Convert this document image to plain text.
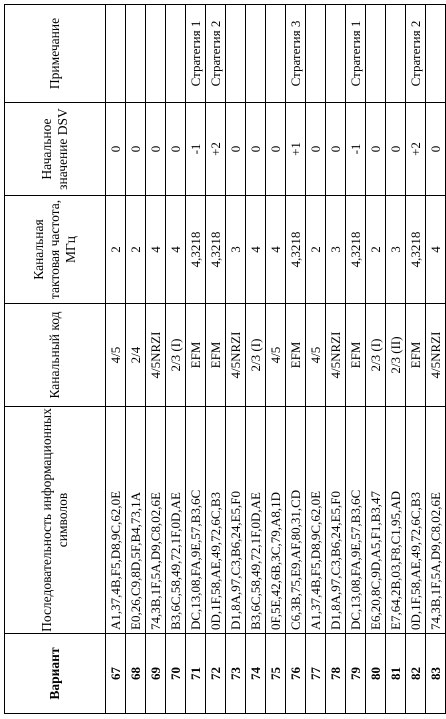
Вариант	Последовательность информационных символов	Канальный код	Канальная тактовая частота, МГц	Начальное значение DSV	Примечание
67	A1,37,4B,F5,D8,9C,62,0E	4/5	2	0	
68	E0,26,C9,8D,5F,B4,73,1A	2/4	2	0	
69	74,3B,1F,5A,D9,C8,02,6E	4/5NRZI	4	0	
70	B3,6C,58,49,72,1F,0D,AE	2/3 (I)	4	0	
71	DC,13,08,FA,9E,57,B3,6C	EFM	4,3218	-1	Стратегия 1
72	0D,1F,58,AE,49,72,6C,B3	EFM	4,3218	+2	Стратегия 2
73	D1,8A,97,C3,B6,24,E5,F0	4/5NRZI	3	0	
74	B3,6C,58,49,72,1F,0D,AE	2/3 (I)	4	0	
75	0F,5E,42,6B,3C,79,A8,1D	4/5	4	0	
76	C6,3B,75,E9,AF,80,31,CD	EFM	4,3218	+1	Стратегия 3
77	A1,37,4B,F5,D8,9C,62,0E	4/5	2	0	
78	D1,8A,97,C3,B6,24,E5,F0	4/5NRZI	3	0	
79	DC,13,08,FA,9E,57,B3,6C	EFM	4,3218	-1	Стратегия 1
80	E6,20,8C,9D,A5,F1,B3,47	2/3 (I)	2	0	
81	E7,64,2B,03,F8,C1,95,AD	2/3 (II)	3	0	
82	0D,1F,58,AE,49,72,6C,B3	EFM	4,3218	+2	Стратегия 2
83	74,3B,1F,5A,D9,C8,02,6E	4/5NRZI	4	0	
